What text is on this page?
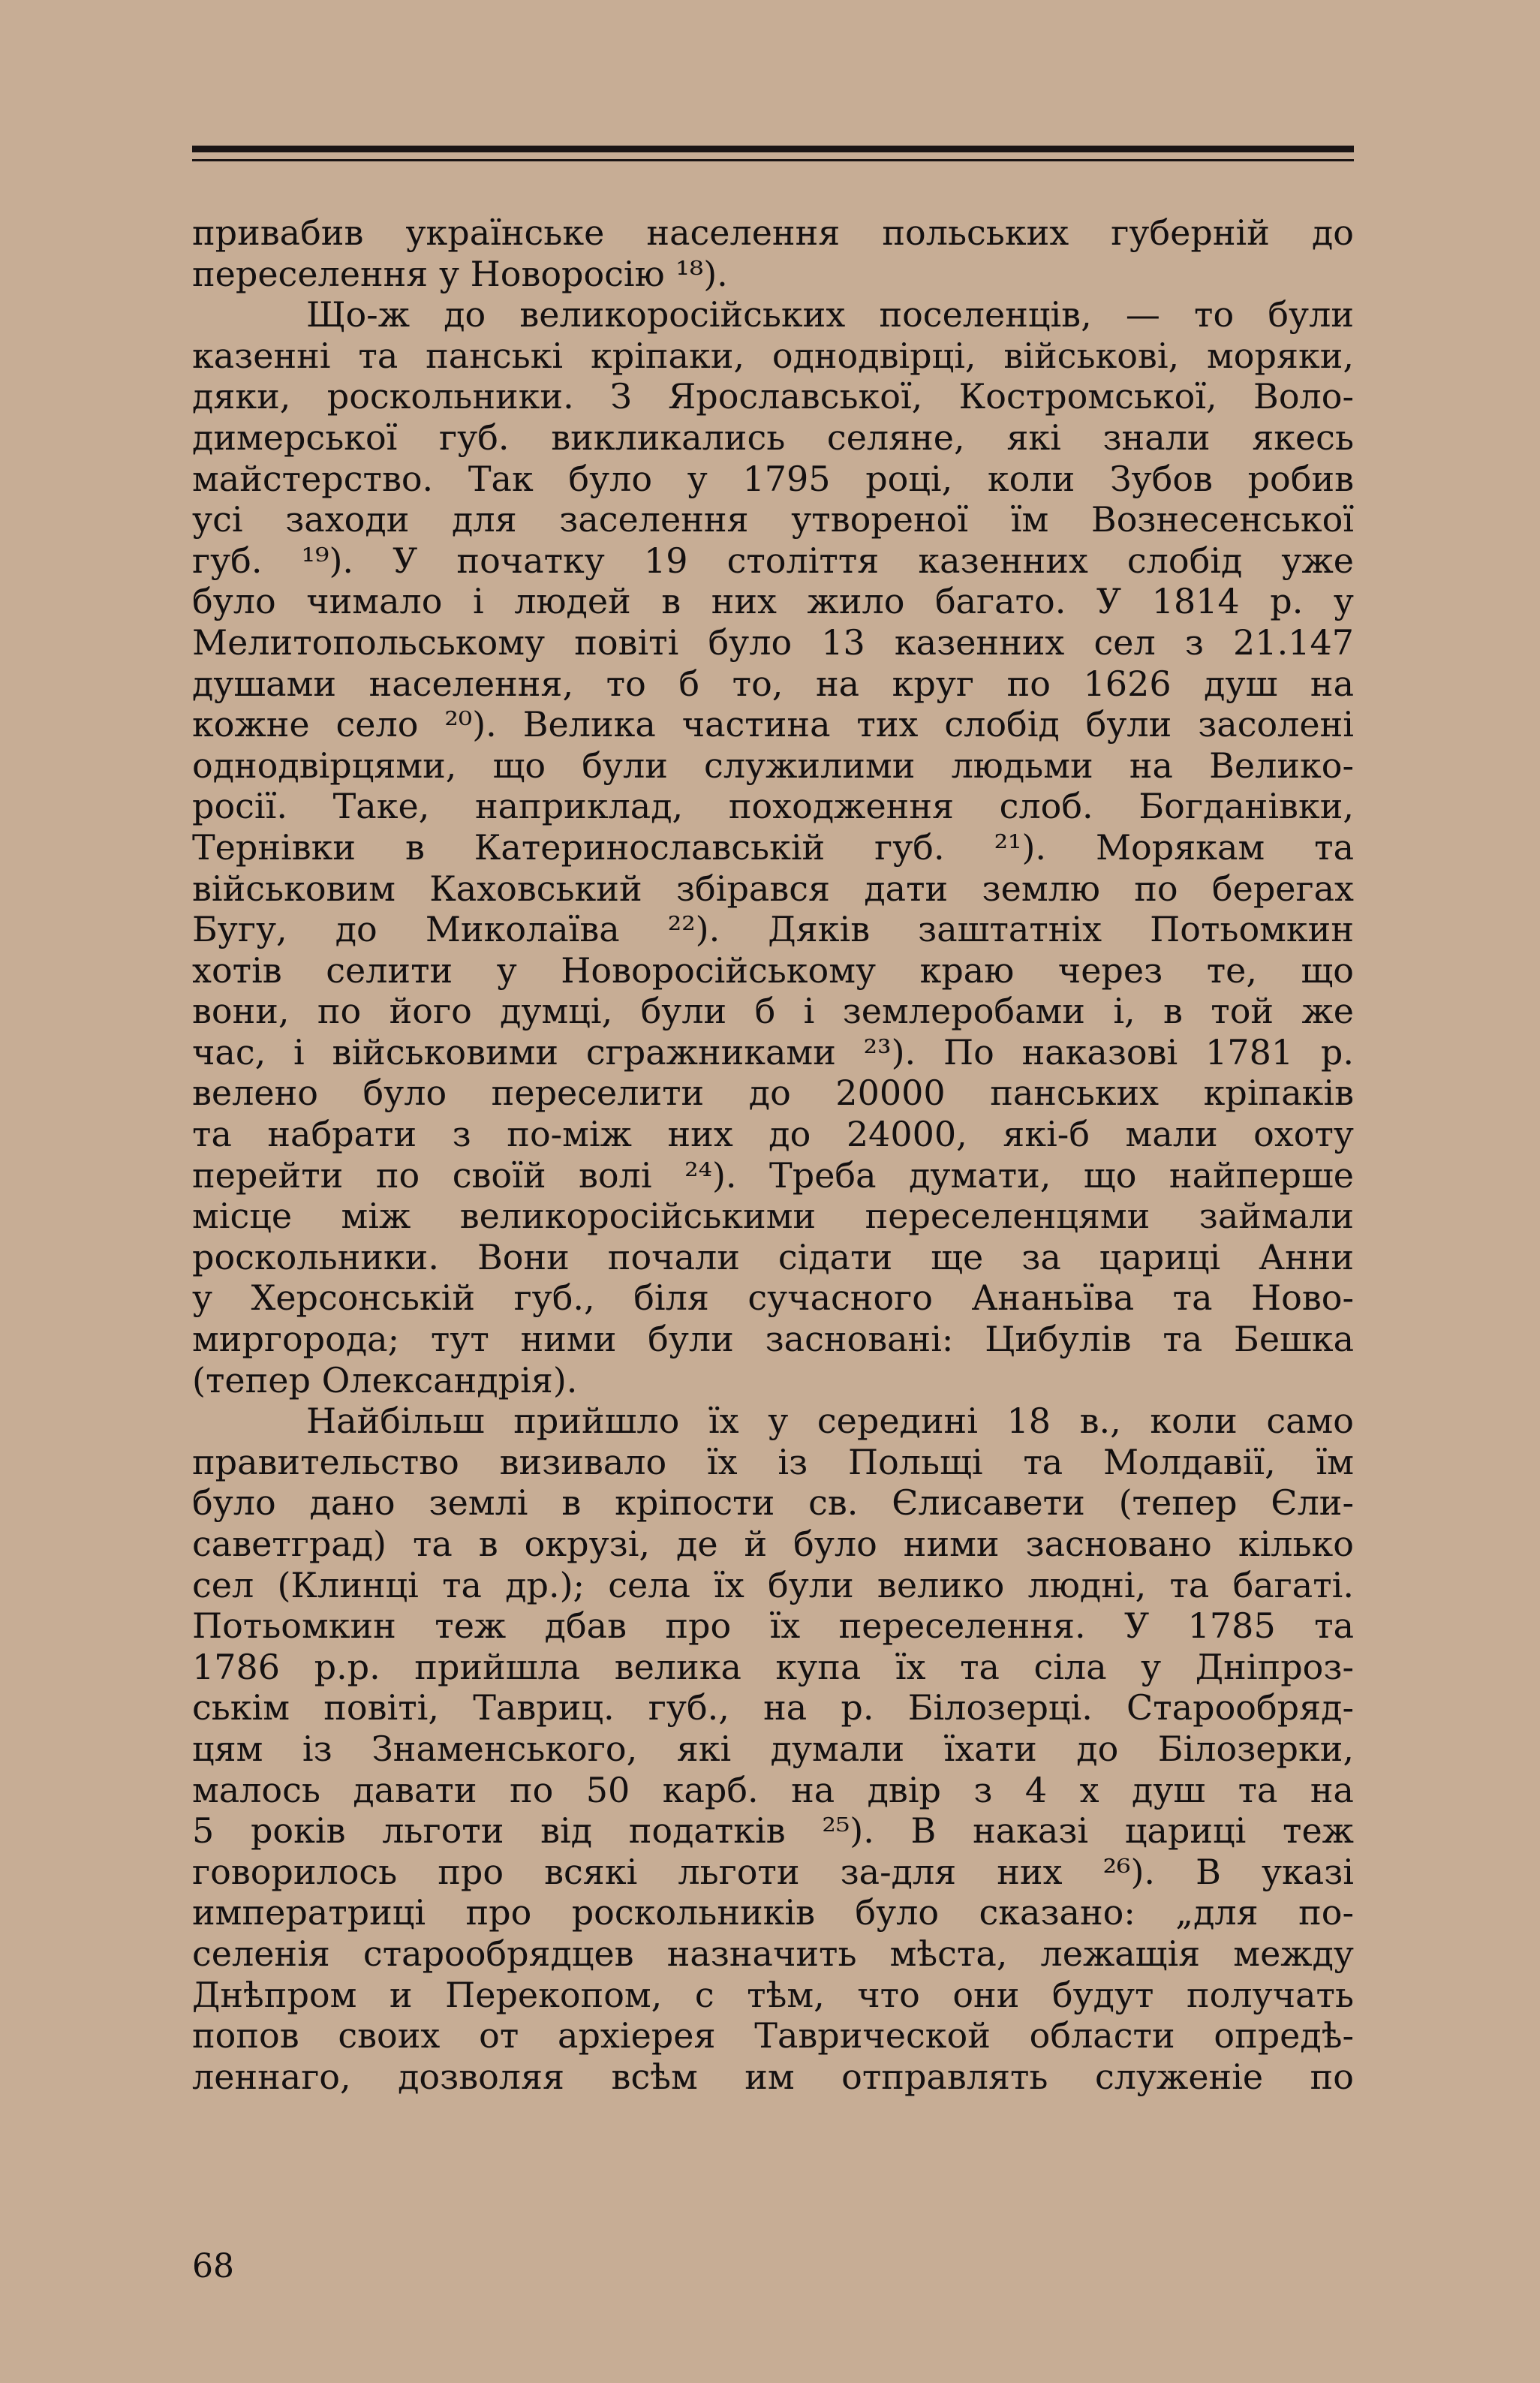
привабив українське населення польських губерній до
переселення у Новоросію ¹⁸).
Що-ж до великоросійських поселенців, — то були
казенні та панські кріпаки, однодвірці, військові, моряки,
дяки, роскольники. З Ярославської, Костромської, Воло-
димерської губ. викликались селяне, які знали якесь
майстерство. Так було у 1795 році, коли Зубов робив
усі заходи для заселення утвореної їм Вознесенської
губ. ¹⁹). У початку 19 століття казенних слобід уже
було чимало і людей в них жило багато. У 1814 р. у
Мелитопольському повіті було 13 казенних сел з 21.147
душами населення, то б то, на круг по 1626 душ на
кожне село ²⁰). Велика частина тих слобід були засолені
однодвірцями, що були служилими людьми на Велико-
росії. Таке, наприклад, походження слоб. Богданівки,
Тернівки в Катеринославській губ. ²¹). Морякам та
військовим Каховський збірався дати землю по берегах
Бугу, до Миколаїва ²²). Дяків заштатніх Потьомкин
хотів селити у Новоросійському краю через те, що
вони, по його думці, були б і землеробами і, в той же
час, і військовими сгражниками ²³). По наказові 1781 р.
велено було переселити до 20000 панських кріпаків
та набрати з по-між них до 24000, які-б мали охоту
перейти по своїй волі ²⁴). Треба думати, що найперше
місце між великоросійськими переселенцями займали
роскольники. Вони почали сідати ще за цариці Анни
у Херсонській губ., біля сучасного Ананьїва та Ново-
миргорода; тут ними були засновані: Цибулів та Бешка
(тепер Олександрія).
Найбільш прийшло їх у середині 18 в., коли само
правительство визивало їх із Польщі та Молдавії, їм
було дано землі в кріпости св. Єлисавети (тепер Єли-
саветград) та в окрузі, де й було ними засновано кілько
сел (Клинці та др.); села їх були велико людні, та багаті.
Потьомкин теж дбав про їх переселення. У 1785 та
1786 р.р. прийшла велика купа їх та сіла у Дніпроз-
ськім повіті, Тавриц. губ., на р. Білозерці. Старообряд-
цям із Знаменського, які думали їхати до Білозерки,
малось давати по 50 карб. на двір з 4 х душ та на
5 років льготи від податків ²⁵). В наказі цариці теж
говорилось про всякі льготи за-для них ²⁶). В указі
императриці про роскольників було сказано: „для по-
селенія старообрядцев назначить мѣста, лежащія между
Днѣпром и Перекопом, с тѣм, что они будут получать
попов своих от архіерея Таврической области опредѣ-
леннаго, дозволяя всѣм им отправлять служеніе по
68
